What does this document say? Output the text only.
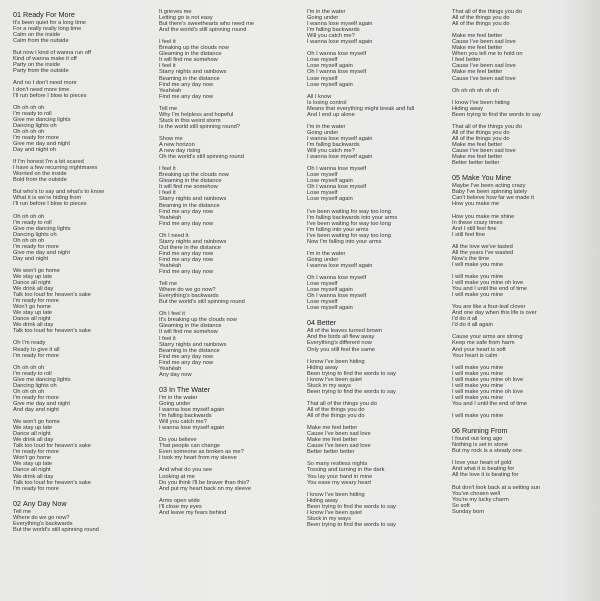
01 Ready For More
It's been quiet for a long time
For a really really long time
Calm on the inside
Calm from the outside
But now I kind of wanna run off
Kind of wanna make it off
Party on the inside
Party from the outside
And no I don't need more
I don't need more time
I'll run before I blow to pieces
Oh oh oh oh
I'm ready to roll
Give me dancing lights
Dancing lights oh
Oh oh oh oh
I'm ready for more
Give me day and night
Day and night oh
If I'm honest I'm a bit scared
I have a few recurring nightmares
Worried on the inside
Bold from the outside
But who's to say and what's to know
What it is we're hiding from
I'll run before I blow to pieces
Oh oh oh oh
I'm ready to roll
Give me dancing lights
Dancing lights oh
Oh oh oh oh
I'm ready for more
Give me day and night
Day and night
We won't go home
We stay up late
Dance all night
We drink all day
Talk too loud for heaven's sake
I'm ready for more
Won't go home
We stay up late
Dance all night
We drink all day
Talk too loud for heaven's sake
Oh I'm ready
Ready to give it all
I'm ready for more
Oh oh oh oh
I'm ready to roll
Give me dancing lights
Dancing lights oh
Oh oh oh oh
I'm ready for more
Give me day and night
And day and night
We won't go home
We stay up late
Dance all night
We drink all day
Talk too loud for heaven's sake
I'm ready for more
Won't go home
We stay up late
Dance all night
We drink all day
Talk too loud for heaven's sake
I'm ready for more
02 Any Day Now
Tell me
Where do we go now?
Everything's backwards
But the world's still spinning round
It grieves me
Letting go is not easy
But there's sweethearts who need me
And the world's still spinning round
I feel it
Breaking up the clouds now
Gleaming in the distance
It will find me somehow
I feel it
Starry nights and rainbows
Beaming in the distance
Find me any day now
Yeahéah
Find me any day now
Tell me
Why I'm helpless and hopeful
Stuck in this weird storm
Is the world still spinning round?
Show me
A new horizon
A new day rising
Oh the world's still spinning round
I feel it
Breaking up the clouds now
Gleaming in the distance
It will find me somehow
I feel it
Starry nights and rainbows
Beaming in the distance
Find me any day now
Yeahéah
Find me any day now
Oh I need it
Starry nights and rainbows
Out there in the distance
Find me any day now
Find me any day now
Yeahéah
Find me any day now
Tell me
Where do we go now?
Everything's backwards
But the world's still spinning round
Oh I feel it
It's breaking up the clouds now
Gleaming in the distance
It will find me somehow
I feel it
Starry nights and rainbows
Beaming in the distance
Find me any day now
Find me any day now
Yeahéah
Any day now
03 In The Water
I'm in the water
Going under
I wanna lose myself again
I'm falling backwards
Will you catch me?
I wanna lose myself again
Do you believe
That people can change
Even someone as broken as me?
I took my heart from my sleeve
And what do you see
Looking at me
Do you think I'll be braver than this?
And put my heart back on my sleeve
Arms open wide
I'll close my eyes
And leave my fears behind
I'm in the water
Going under
I wanna lose myself again
I'm falling backwards
Will you catch me?
I wanna lose myself again
Oh I wanna lose myself
Lose myself
Lose myself again
Oh I wanna lose myself
Lose myself
Lose myself again
All I know
Is losing control
Means that everything might break and fall
And I end up alone
I'm in the water
Going under
I wanna lose myself again
I'm falling backwards
Will you catch me?
I wanna lose myself again
Oh I wanna lose myself
Lose myself
Lose myself again
Oh I wanna lose myself
Lose myself
Lose myself again
I've been waiting for way too long
I'm falling backwards into your arms
I've been waiting for way too long
I'm falling into your arms
I've been waiting for way too long
Now I'm falling into your arms
I'm in the water
Going under
I wanna lose myself again
Oh I wanna lose myself
Lose myself
Lose myself again
Oh I wanna lose myself
Lose myself
Lose myself again
04 Better
All of the leaves turned brown
And the birds all flew away
Everything's different now
Only you still feel the same
I know I've been hiding
Hiding away
Been trying to find the words to say
I know I've been quiet
Stuck in my ways
Been trying to find the words to say
That all of the things you do
All of the things you do
All of the things you do
Make me feel better
Cause I've been sad love
Make me feel better
Cause I've been sad love
Better better better
So many restless nights
Tossing and turning in the dark
You lay your hand in mine
You ease my weary heart
I know I've been hiding
Hiding away
Been trying to find the words to say
I know I've been quiet
Stuck in my ways
Been trying to find the words to say
That all of the things you do
All of the things you do
All of the things you do
Make me feel better
Cause I've been sad love
Make me feel better
When you tell me to hold on
I feel better
Cause I've been sad love
Make me feel better
Cause I've been sad love
Oh oh oh oh oh oh
I know I've been hiding
Hiding away
Been trying to find the words to say
That all of the things you do
All of the things you do
All of the things you do
Make me feel better
Cause I've been sad love
Make me feel better
Better better better
05 Make You Mine
Maybe I've been acting crazy
Baby I've been spinning lately
Can't believe how far we made it
How you make me
How you make me shine
In these crazy times
And I still feel fine
I still feel fine
All the love we've tasted
All the years I've wasted
Now's the time
I will make you mine
I will make you mine
I will make you mine oh love
You and I until the end of time
I will make you mine
You are like a four-leaf clover
And one day when this life is over
I'd do it all
I'd do it all again
Cause your arms are strong
Keep me safe from harm
And your heart is soft
Your heart is calm
I will make you mine
I will make you mine
I will make you mine oh love
I will make you mine
I will make you mine oh love
I will make you mine
You and I until the end of time
I will make you mine
06 Running From
I found out long ago
Nothing is set in stone
But my rock is a steady one
I love your heart of gold
And what it is beating for
All the love it is beating for
But don't look back at a setting sun
You've chosen well
You're my lucky charm
So soft
Sunday born
